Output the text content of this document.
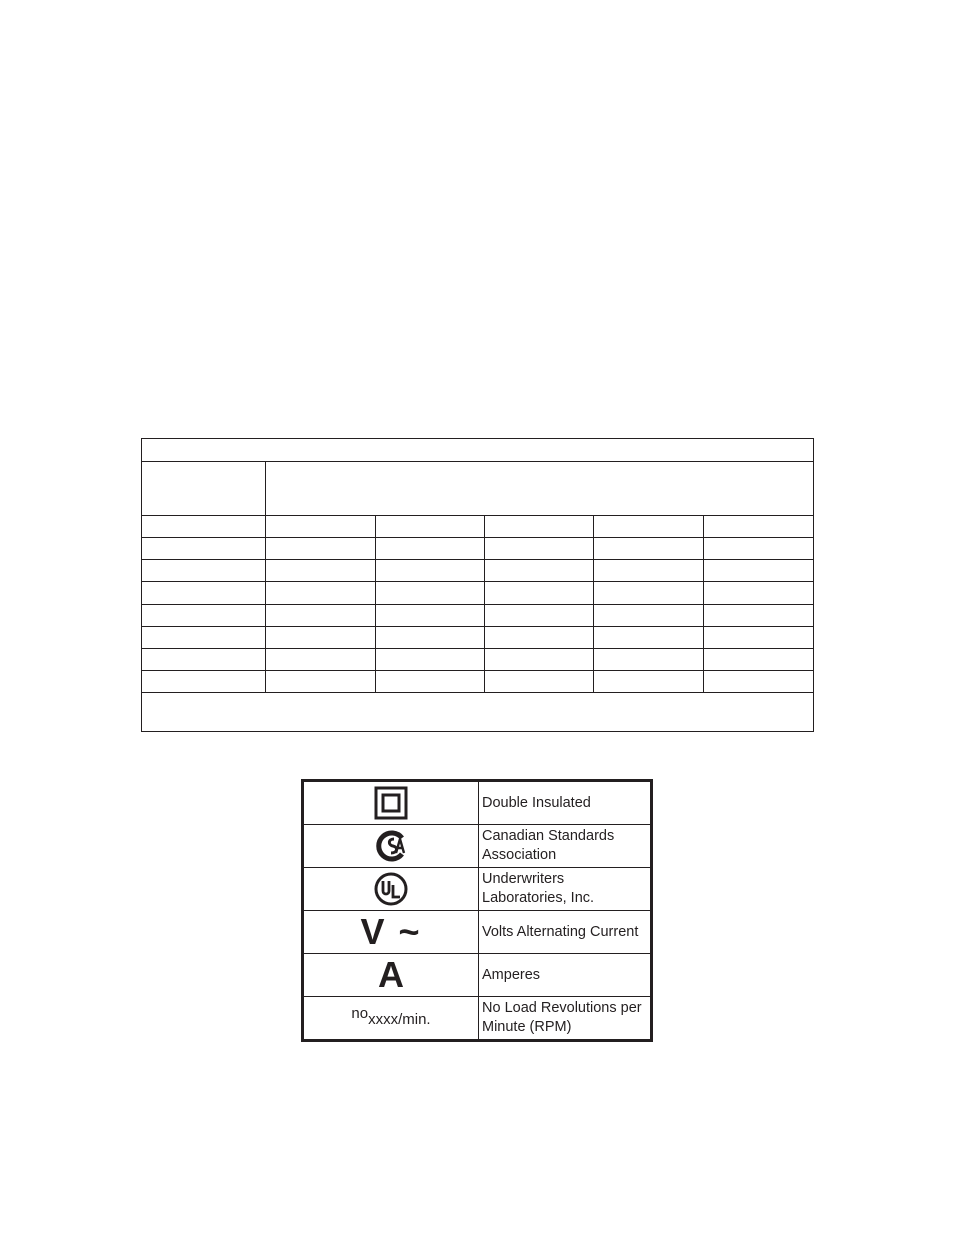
Double Insulated

Canadian Standards
Association

Underwriters
Laboratories, Inc.

V ~	Volts Alternating Current

A	Amperes

noxxxx/min.	No Load Revolutions per
Minute (RPM)
